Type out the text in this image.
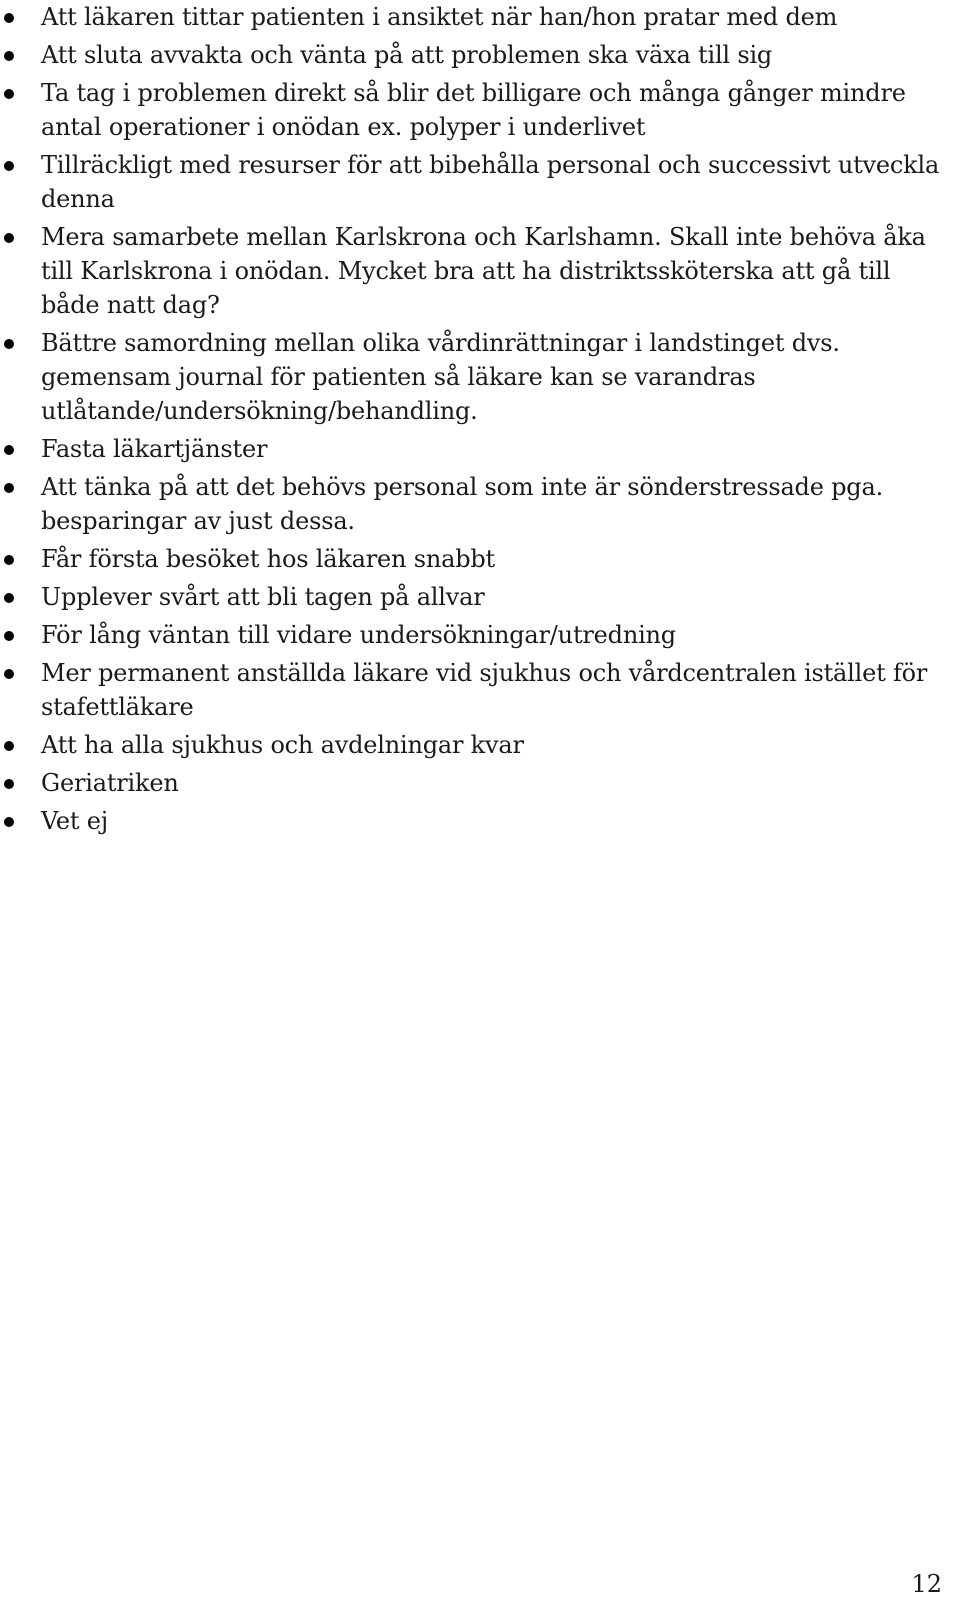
Att läkaren tittar patienten i ansiktet när han/hon pratar med dem
Att sluta avvakta och vänta på att problemen ska växa till sig
Ta tag i problemen direkt så blir det billigare och många gånger mindre antal operationer i onödan ex. polyper i underlivet
Tillräckligt med resurser för att bibehålla personal och successivt utveckla denna
Mera samarbete mellan Karlskrona och Karlshamn. Skall inte behöva åka till Karlskrona i onödan. Mycket bra att ha distriktssköterska att gå till både natt dag?
Bättre samordning mellan olika vårdinrättningar i landstinget dvs. gemensam journal för patienten så läkare kan se varandras utlåtande/undersökning/behandling.
Fasta läkartjänster
Att tänka på att det behövs personal som inte är sönderstressade pga. besparingar av just dessa.
Får första besöket hos läkaren snabbt
Upplever svårt att bli tagen på allvar
För lång väntan till vidare undersökningar/utredning
Mer permanent anställda läkare vid sjukhus och vårdcentralen istället för stafettläkare
Att ha alla sjukhus och avdelningar kvar
Geriatriken
Vet ej
12
